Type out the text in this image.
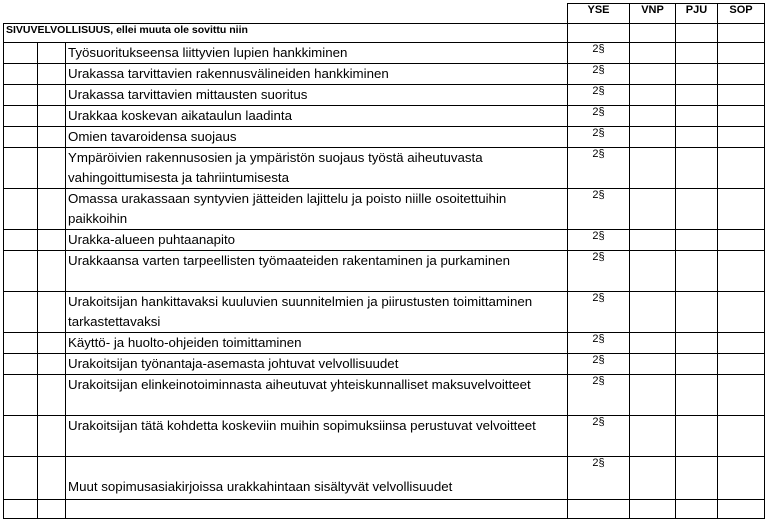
			YSE	VNP	PJU	SOP
SIVUVELVOLLISUUS, ellei muuta ole sovittu niin						
		Työsuoritukseensa liittyvien lupien hankkiminen	2§			
		Urakassa tarvittavien rakennusvälineiden hankkiminen	2§			
		Urakassa tarvittavien mittausten suoritus	2§			
		Urakkaa koskevan aikataulun laadinta	2§			
		Omien tavaroidensa suojaus	2§			
		Ympäröivien rakennusosien ja ympäristön suojaus työstä aiheutuvasta vahingoittumisesta ja tahriintumisesta	2§			
		Omassa urakassaan syntyvien jätteiden lajittelu ja poisto niille osoitettuihin paikkoihin	2§			
		Urakka-alueen puhtaanapito	2§			
		Urakkaansa varten tarpeellisten työmaateiden rakentaminen ja purkaminen	2§			
		Urakoitsijan hankittavaksi kuuluvien suunnitelmien ja piirustusten toimittaminen tarkastettavaksi	2§			
		Käyttö- ja huolto-ohjeiden toimittaminen	2§			
		Urakoitsijan työnantaja-asemasta johtuvat velvollisuudet	2§			
		Urakoitsijan elinkeinotoiminnasta aiheutuvat yhteiskunnalliset maksuvelvoitteet	2§			
		Urakoitsijan tätä kohdetta koskeviin muihin sopimuksiinsa perustuvat velvoitteet	2§			
		Muut sopimusasiakirjoissa urakkahintaan sisältyvät velvollisuudet	2§			
